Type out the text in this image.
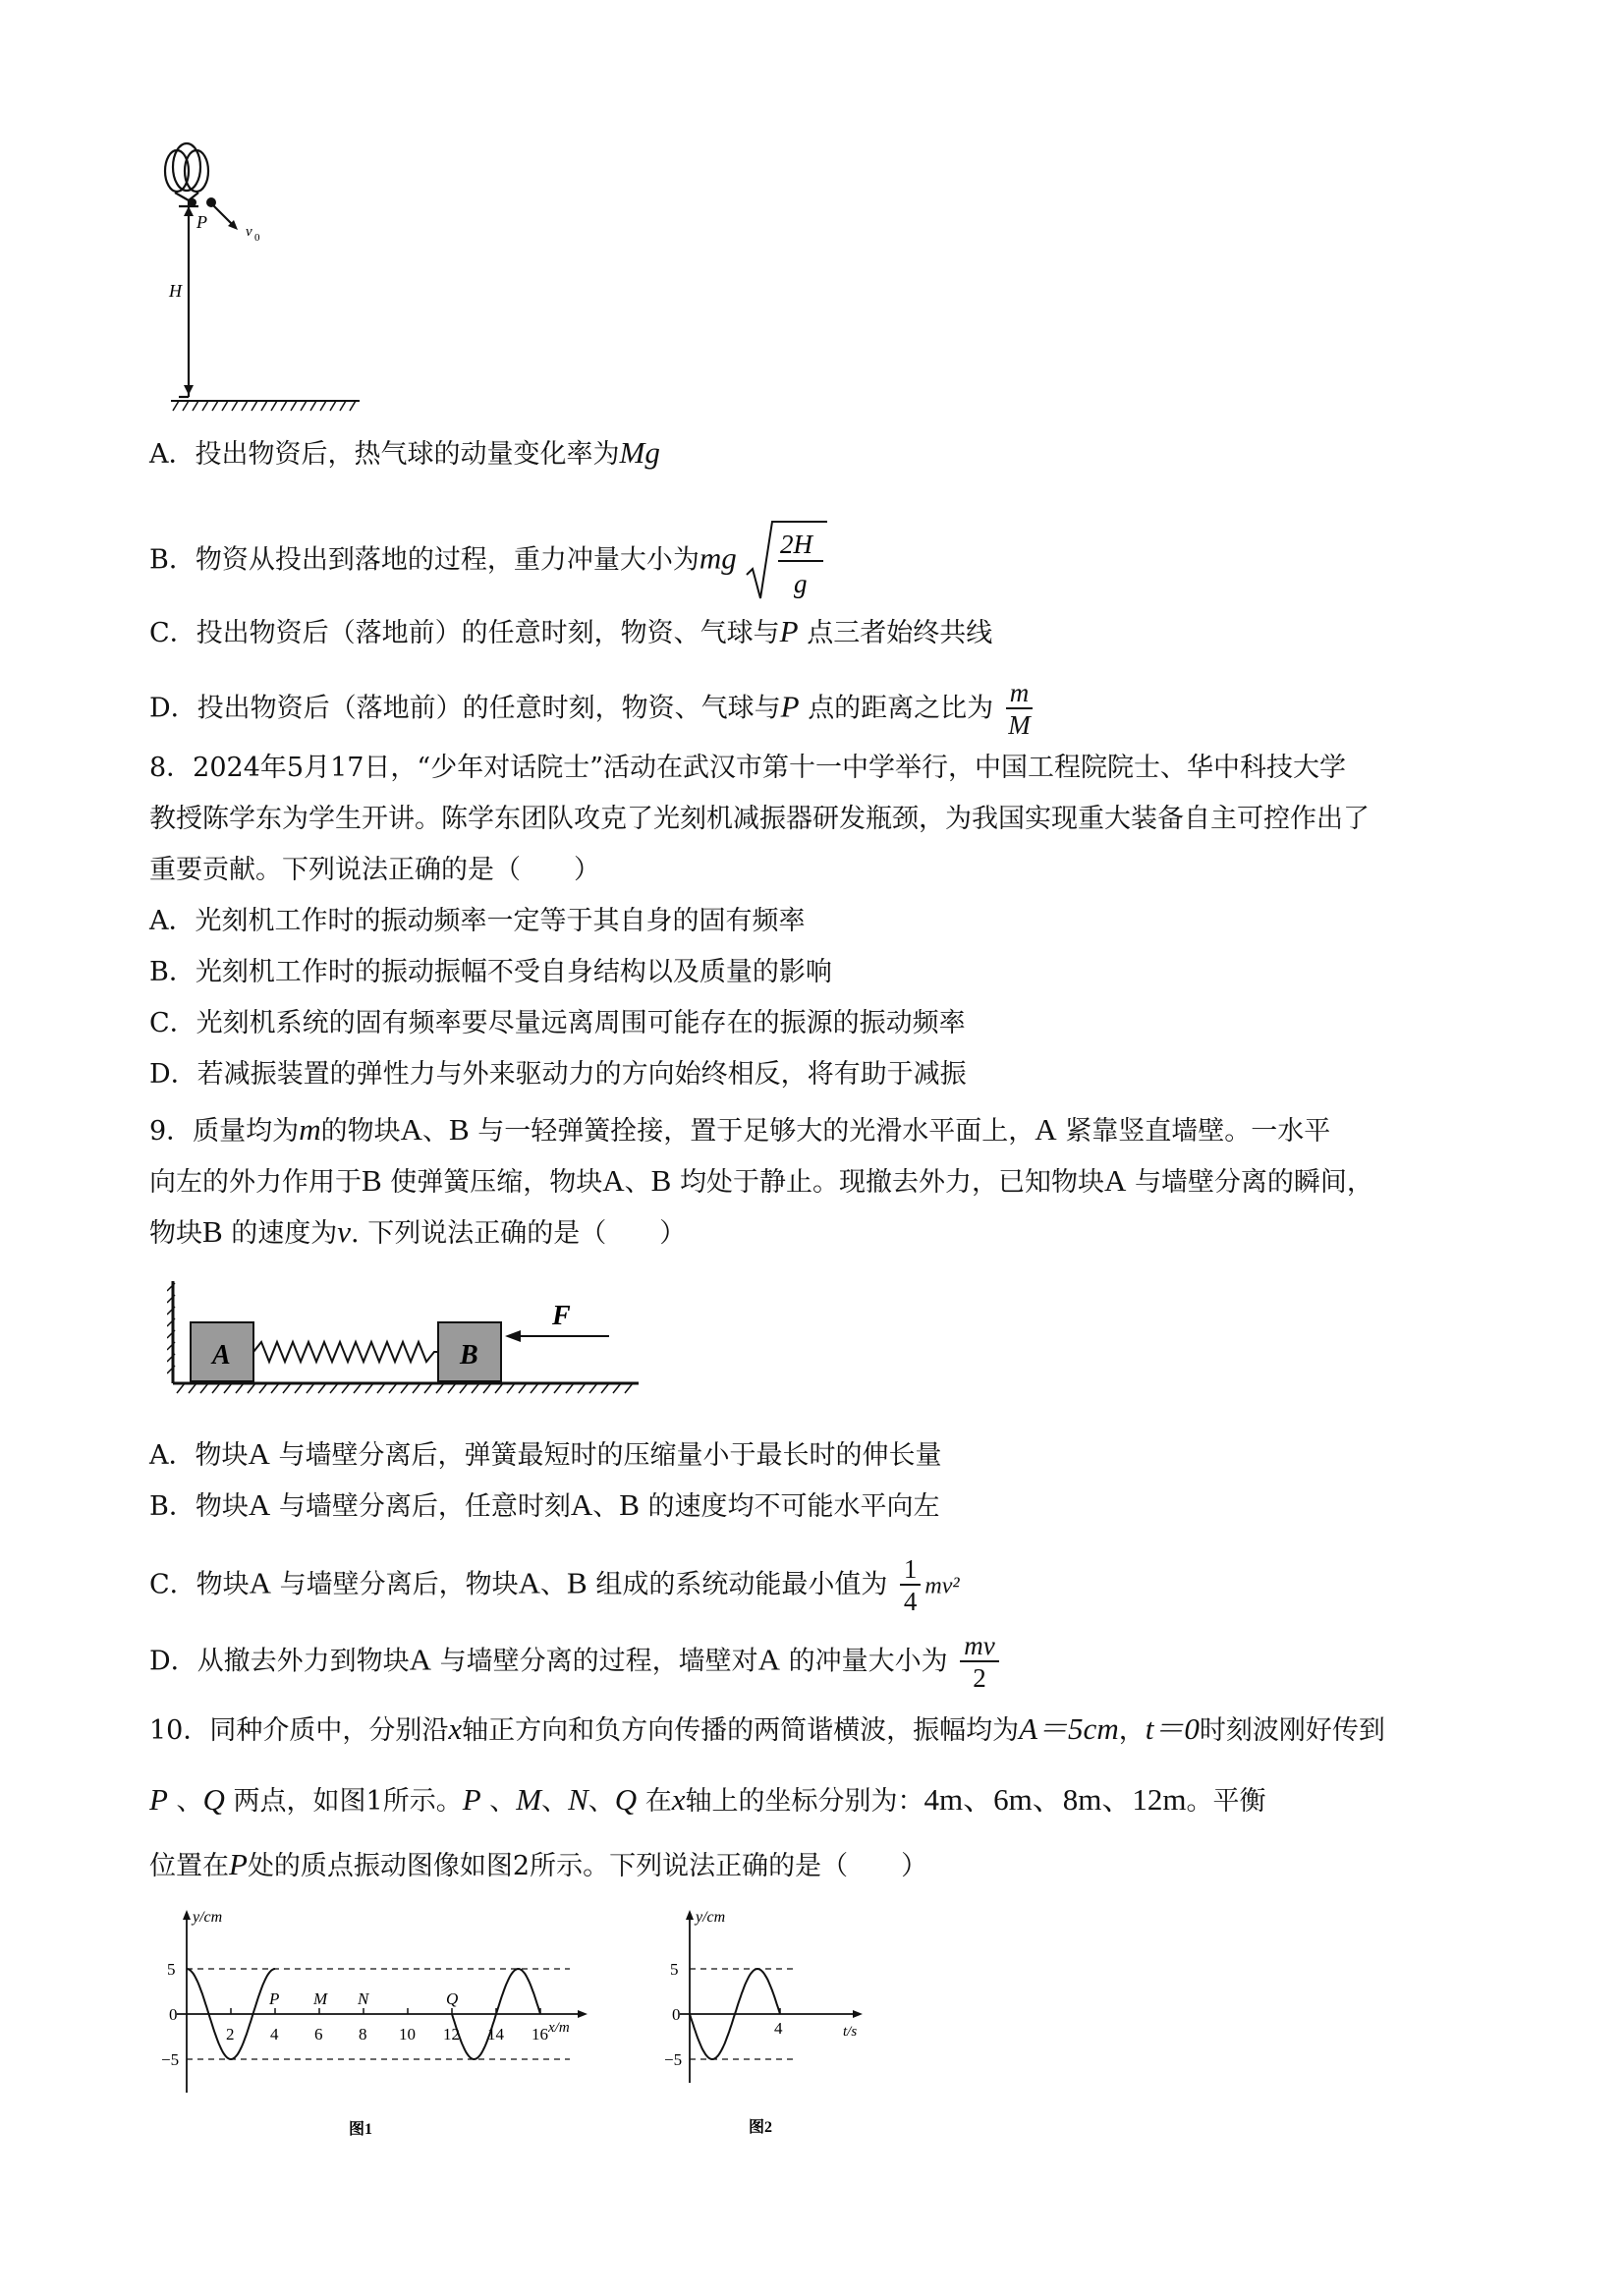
P	v 0
H
A．投出物资后，热气球的动量变化率为Mg
B．物资从投出到落地的过程，重力冲量大小为mg 2H
g
C．投出物资后（落地前）的任意时刻，物资、气球与P 点三者始终共线
D．投出物资后（落地前）的任意时刻，物资、气球与P 点的距离之比为 $\frac{m}{M}$
8．2024年5月17日，“少年对话院士”活动在武汉市第十一中学举行，中国工程院院士、华中科技大学
教授陈学东为学生开讲。陈学东团队攻克了光刻机减振器研发瓶颈，为我国实现重大装备自主可控作出了
重要贡献。下列说法正确的是（　　）
A．光刻机工作时的振动频率一定等于其自身的固有频率
B．光刻机工作时的振动振幅不受自身结构以及质量的影响
C．光刻机系统的固有频率要尽量远离周围可能存在的振源的振动频率
D．若减振装置的弹性力与外来驱动力的方向始终相反，将有助于减振
9．质量均为m的物块A、B 与一轻弹簧拴接，置于足够大的光滑水平面上，A 紧靠竖直墙壁。一水平
向左的外力作用于B 使弹簧压缩，物块A、B 均处于静止。现撤去外力，已知物块A 与墙壁分离的瞬间，
物块B 的速度为v. 下列说法正确的是（　　）
A	B
F
A．物块A 与墙壁分离后，弹簧最短时的压缩量小于最长时的伸长量
B．物块A 与墙壁分离后，任意时刻A、B 的速度均不可能水平向左
C．物块A 与墙壁分离后，物块A、B 组成的系统动能最小值为 $\frac{1}{4} mv^2$
D．从撤去外力到物块A 与墙壁分离的过程，墙壁对A 的冲量大小为 $\frac{mv}{2}$
10．同种介质中，分别沿x轴正方向和负方向传播的两简谐横波，振幅均为A＝5cm，t＝0时刻波刚好传到
P 、Q 两点，如图1所示。P 、M、N、Q 在x轴上的坐标分别为：4m、6m、8m、12m。平衡
位置在P处的质点振动图像如图2所示。下列说法正确的是（　　）
2 4 6 8 10 12 14 16
P M N	Q
y/cm
x/m
5
0
−5
图1
y/cm
t/s
4
5
0
−5
图2
